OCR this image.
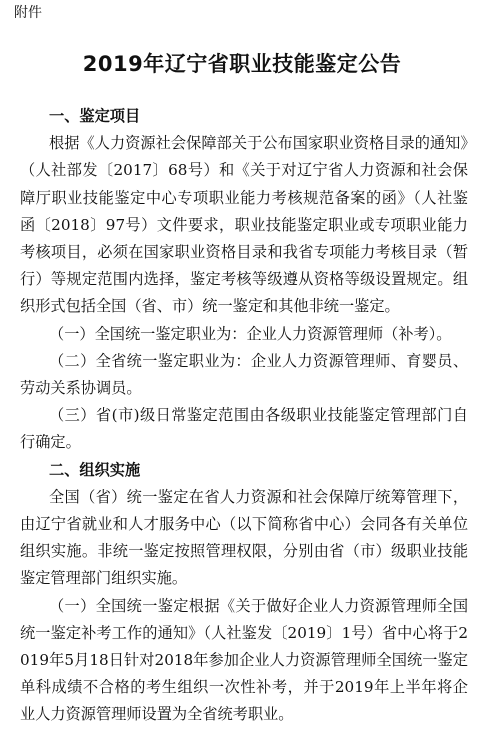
附件
2019年辽宁省职业技能鉴定公告

一、鉴定项目

根据《人力资源社会保障部关于公布国家职业资格目录的通知》（人社部发〔2017〕68号）和《关于对辽宁省人力资源和社会保障厅职业技能鉴定中心专项职业能力考核规范备案的函》（人社鉴函〔2018〕97号）文件要求，职业技能鉴定职业或专项职业能力考核项目，必须在国家职业资格目录和我省专项能力考核目录（暂行）等规定范围内选择，鉴定考核等级遵从资格等级设置规定。组织形式包括全国（省、市）统一鉴定和其他非统一鉴定。

（一）全国统一鉴定职业为：企业人力资源管理师（补考）。

（二）全省统一鉴定职业为：企业人力资源管理师、育婴员、劳动关系协调员。

（三）省(市)级日常鉴定范围由各级职业技能鉴定管理部门自行确定。

二、组织实施

全国（省）统一鉴定在省人力资源和社会保障厅统筹管理下，由辽宁省就业和人才服务中心（以下简称省中心）会同各有关单位组织实施。非统一鉴定按照管理权限，分别由省（市）级职业技能鉴定管理部门组织实施。

（一）全国统一鉴定根据《关于做好企业人力资源管理师全国统一鉴定补考工作的通知》（人社鉴发〔2019〕1号）省中心将于2019年5月18日针对2018年参加企业人力资源管理师全国统一鉴定单科成绩不合格的考生组织一次性补考，并于2019年上半年将企业人力资源管理师设置为全省统考职业。
